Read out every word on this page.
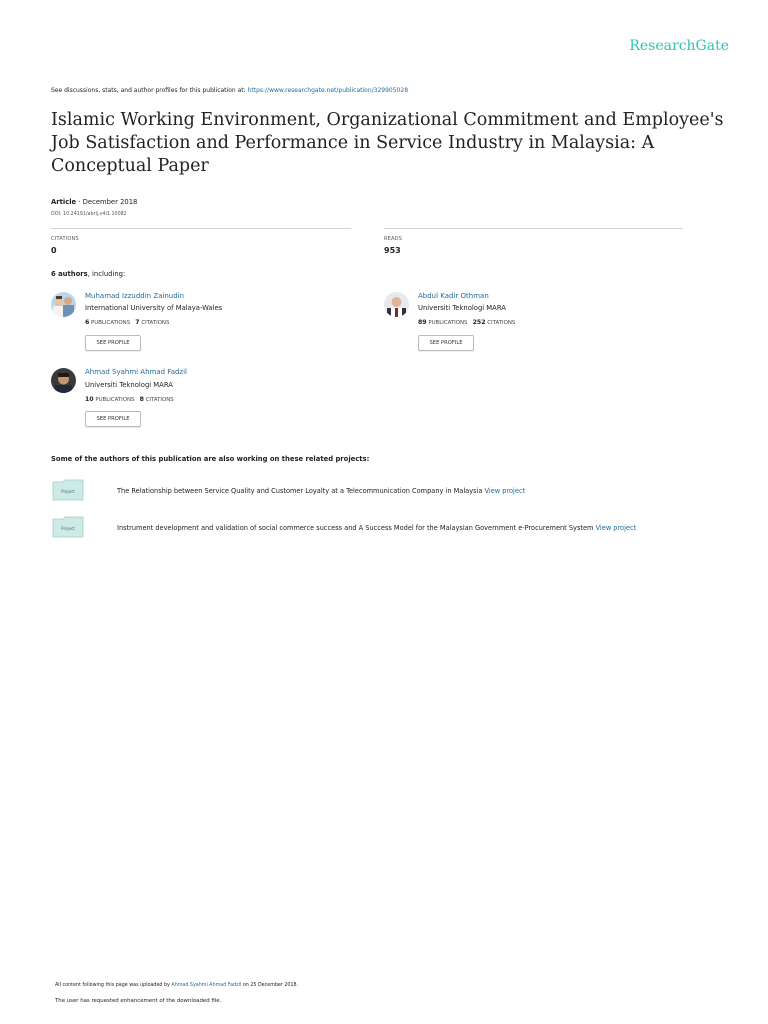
ResearchGate
See discussions, stats, and author profiles for this publication at: https://www.researchgate.net/publication/329905028
Islamic Working Environment, Organizational Commitment and Employee's Job Satisfaction and Performance in Service Industry in Malaysia: A Conceptual Paper
Article · December 2018
DOI: 10.24191/abrij.v4i1.10082
CITATIONS
0
READS
953
6 authors, including:
Muhamad Izzuddin Zainudin
International University of Malaya-Wales
6 PUBLICATIONS 7 CITATIONS
SEE PROFILE
Abdul Kadir Othman
Universiti Teknologi MARA
89 PUBLICATIONS 252 CITATIONS
SEE PROFILE
Ahmad Syahmi Ahmad Fadzil
Universiti Teknologi MARA
10 PUBLICATIONS 8 CITATIONS
SEE PROFILE
Some of the authors of this publication are also working on these related projects:
Project	The Relationship between Service Quality and Customer Loyalty at a Telecommunication Company in Malaysia View project
Project	Instrument development and validation of social commerce success and A Success Model for the Malaysian Government e-Procurement System View project
All content following this page was uploaded by Ahmad Syahmi Ahmad Fadzil on 25 December 2018.
The user has requested enhancement of the downloaded file.
